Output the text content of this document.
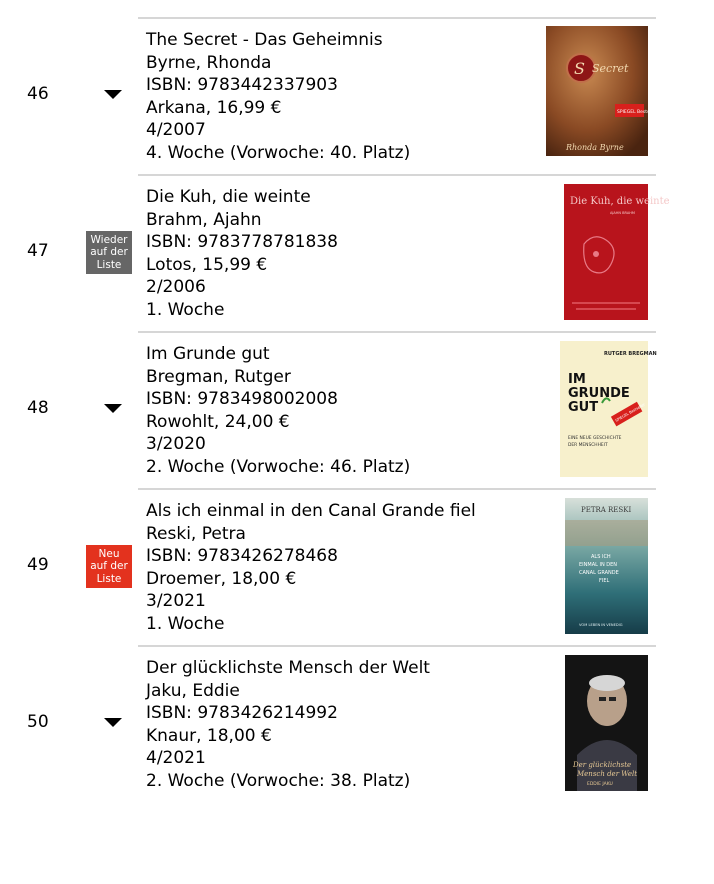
46
The Secret - Das Geheimnis
Byrne, Rhonda
ISBN: 9783442337903
Arkana, 16,99 €
4/2007
4. Woche (Vorwoche: 40. Platz)
S Secret
SPIEGEL Bestseller
Rhonda Byrne
47
Wieder
auf der
Liste
Die Kuh, die weinte
Brahm, Ajahn
ISBN: 9783778781838
Lotos, 15,99 €
2/2006
1. Woche
Die Kuh, die weinte
AJAHN BRAHM
48
Im Grunde gut
Bregman, Rutger
ISBN: 9783498002008
Rowohlt, 24,00 €
3/2020
2. Woche (Vorwoche: 46. Platz)
RUTGER BREGMAN
IM
GRUNDE
GUT	SPIEGEL Bestseller
EINE NEUE GESCHICHTE
DER MENSCHHEIT
49
Neu
auf der
Liste
Als ich einmal in den Canal Grande fiel
Reski, Petra
ISBN: 9783426278468
Droemer, 18,00 €
3/2021
1. Woche
PETRA RESKI
ALS ICH
EINMAL IN DEN
CANAL GRANDE
FIEL
VOM LEBEN IN VENEDIG
50
Der glücklichste Mensch der Welt
Jaku, Eddie
ISBN: 9783426214992
Knaur, 18,00 €
4/2021
2. Woche (Vorwoche: 38. Platz)
Der glücklichste
Mensch der Welt
EDDIE JAKU
